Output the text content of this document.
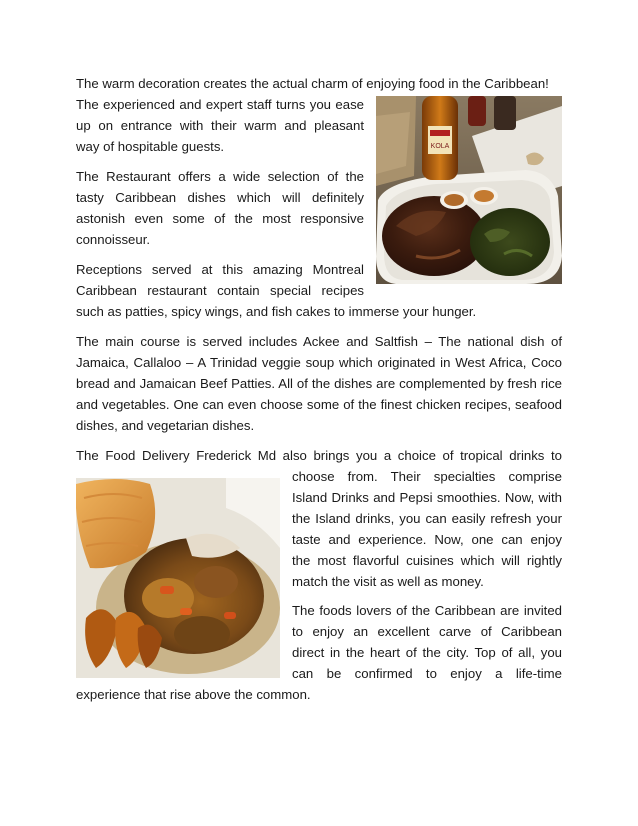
The warm decoration creates the actual charm of enjoying food in the Caribbean!

The experienced and expert staff turns you ease

up on entrance with their warm and pleasant

way of hospitable guests.

The Restaurant offers a wide selection of the

tasty Caribbean dishes which will definitely

astonish even some of the most responsive

connoisseur.

Receptions served at this amazing Montreal

Caribbean restaurant contain special recipes

such as patties, spicy wings, and fish cakes to immerse your hunger.

The main course is served includes Ackee and Saltfish – The national dish of

Jamaica, Callaloo – A Trinidad veggie soup which originated in West Africa, Coco

bread and Jamaican Beef Patties. All of the dishes are complemented by fresh rice

and vegetables. One can even choose some of the finest chicken recipes, seafood

dishes, and vegetarian dishes.

The Food Delivery Frederick Md also brings you a choice of tropical drinks to

choose from. Their specialties comprise

Island Drinks and Pepsi smoothies. Now, with

the Island drinks, you can easily refresh your

taste and experience. Now, one can enjoy

the most flavorful cuisines which will rightly

match the visit as well as money.

The foods lovers of the Caribbean are invited

to enjoy an excellent carve of Caribbean

direct in the heart of the city. Top of all, you

can be confirmed to enjoy a life-time

experience that rise above the common.

KOLA
